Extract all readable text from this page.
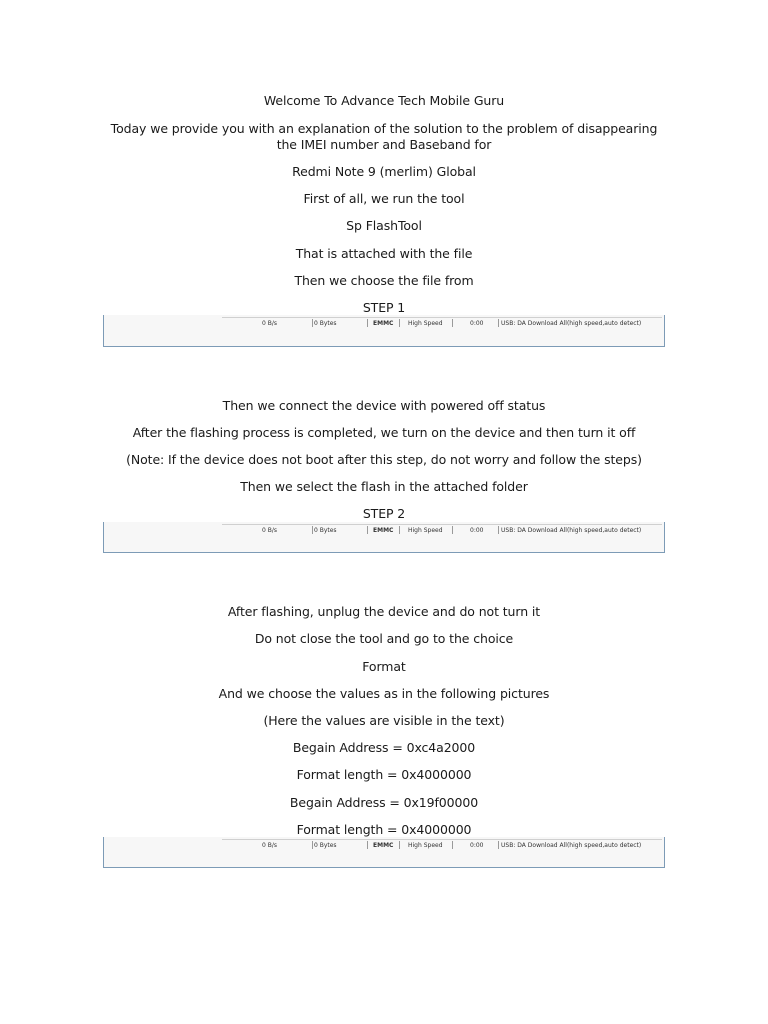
Welcome To Advance Tech Mobile Guru
Today we provide you with an explanation of the solution to the problem of disappearing the IMEI number and Baseband for
Redmi Note 9 (merlim) Global
First of all, we run the tool
Sp FlashTool
That is attached with the file
Then we choose the file from
STEP 1
0 B/s	0 Bytes	EMMC High Speed	0:00	USB: DA Download All(high speed,auto detect)
Then we connect the device with powered off status
After the flashing process is completed, we turn on the device and then turn it off
(Note: If the device does not boot after this step, do not worry and follow the steps)
Then we select the flash in the attached folder
STEP 2
0 B/s	0 Bytes	EMMC High Speed	0:00	USB: DA Download All(high speed,auto detect)
After flashing, unplug the device and do not turn it
Do not close the tool and go to the choice
Format
And we choose the values as in the following pictures
(Here the values are visible in the text)
Begain Address = 0xc4a2000
Format length = 0x4000000
Begain Address = 0x19f00000
Format length = 0x4000000
0 B/s	0 Bytes	EMMC High Speed	0:00	USB: DA Download All(high speed,auto detect)
